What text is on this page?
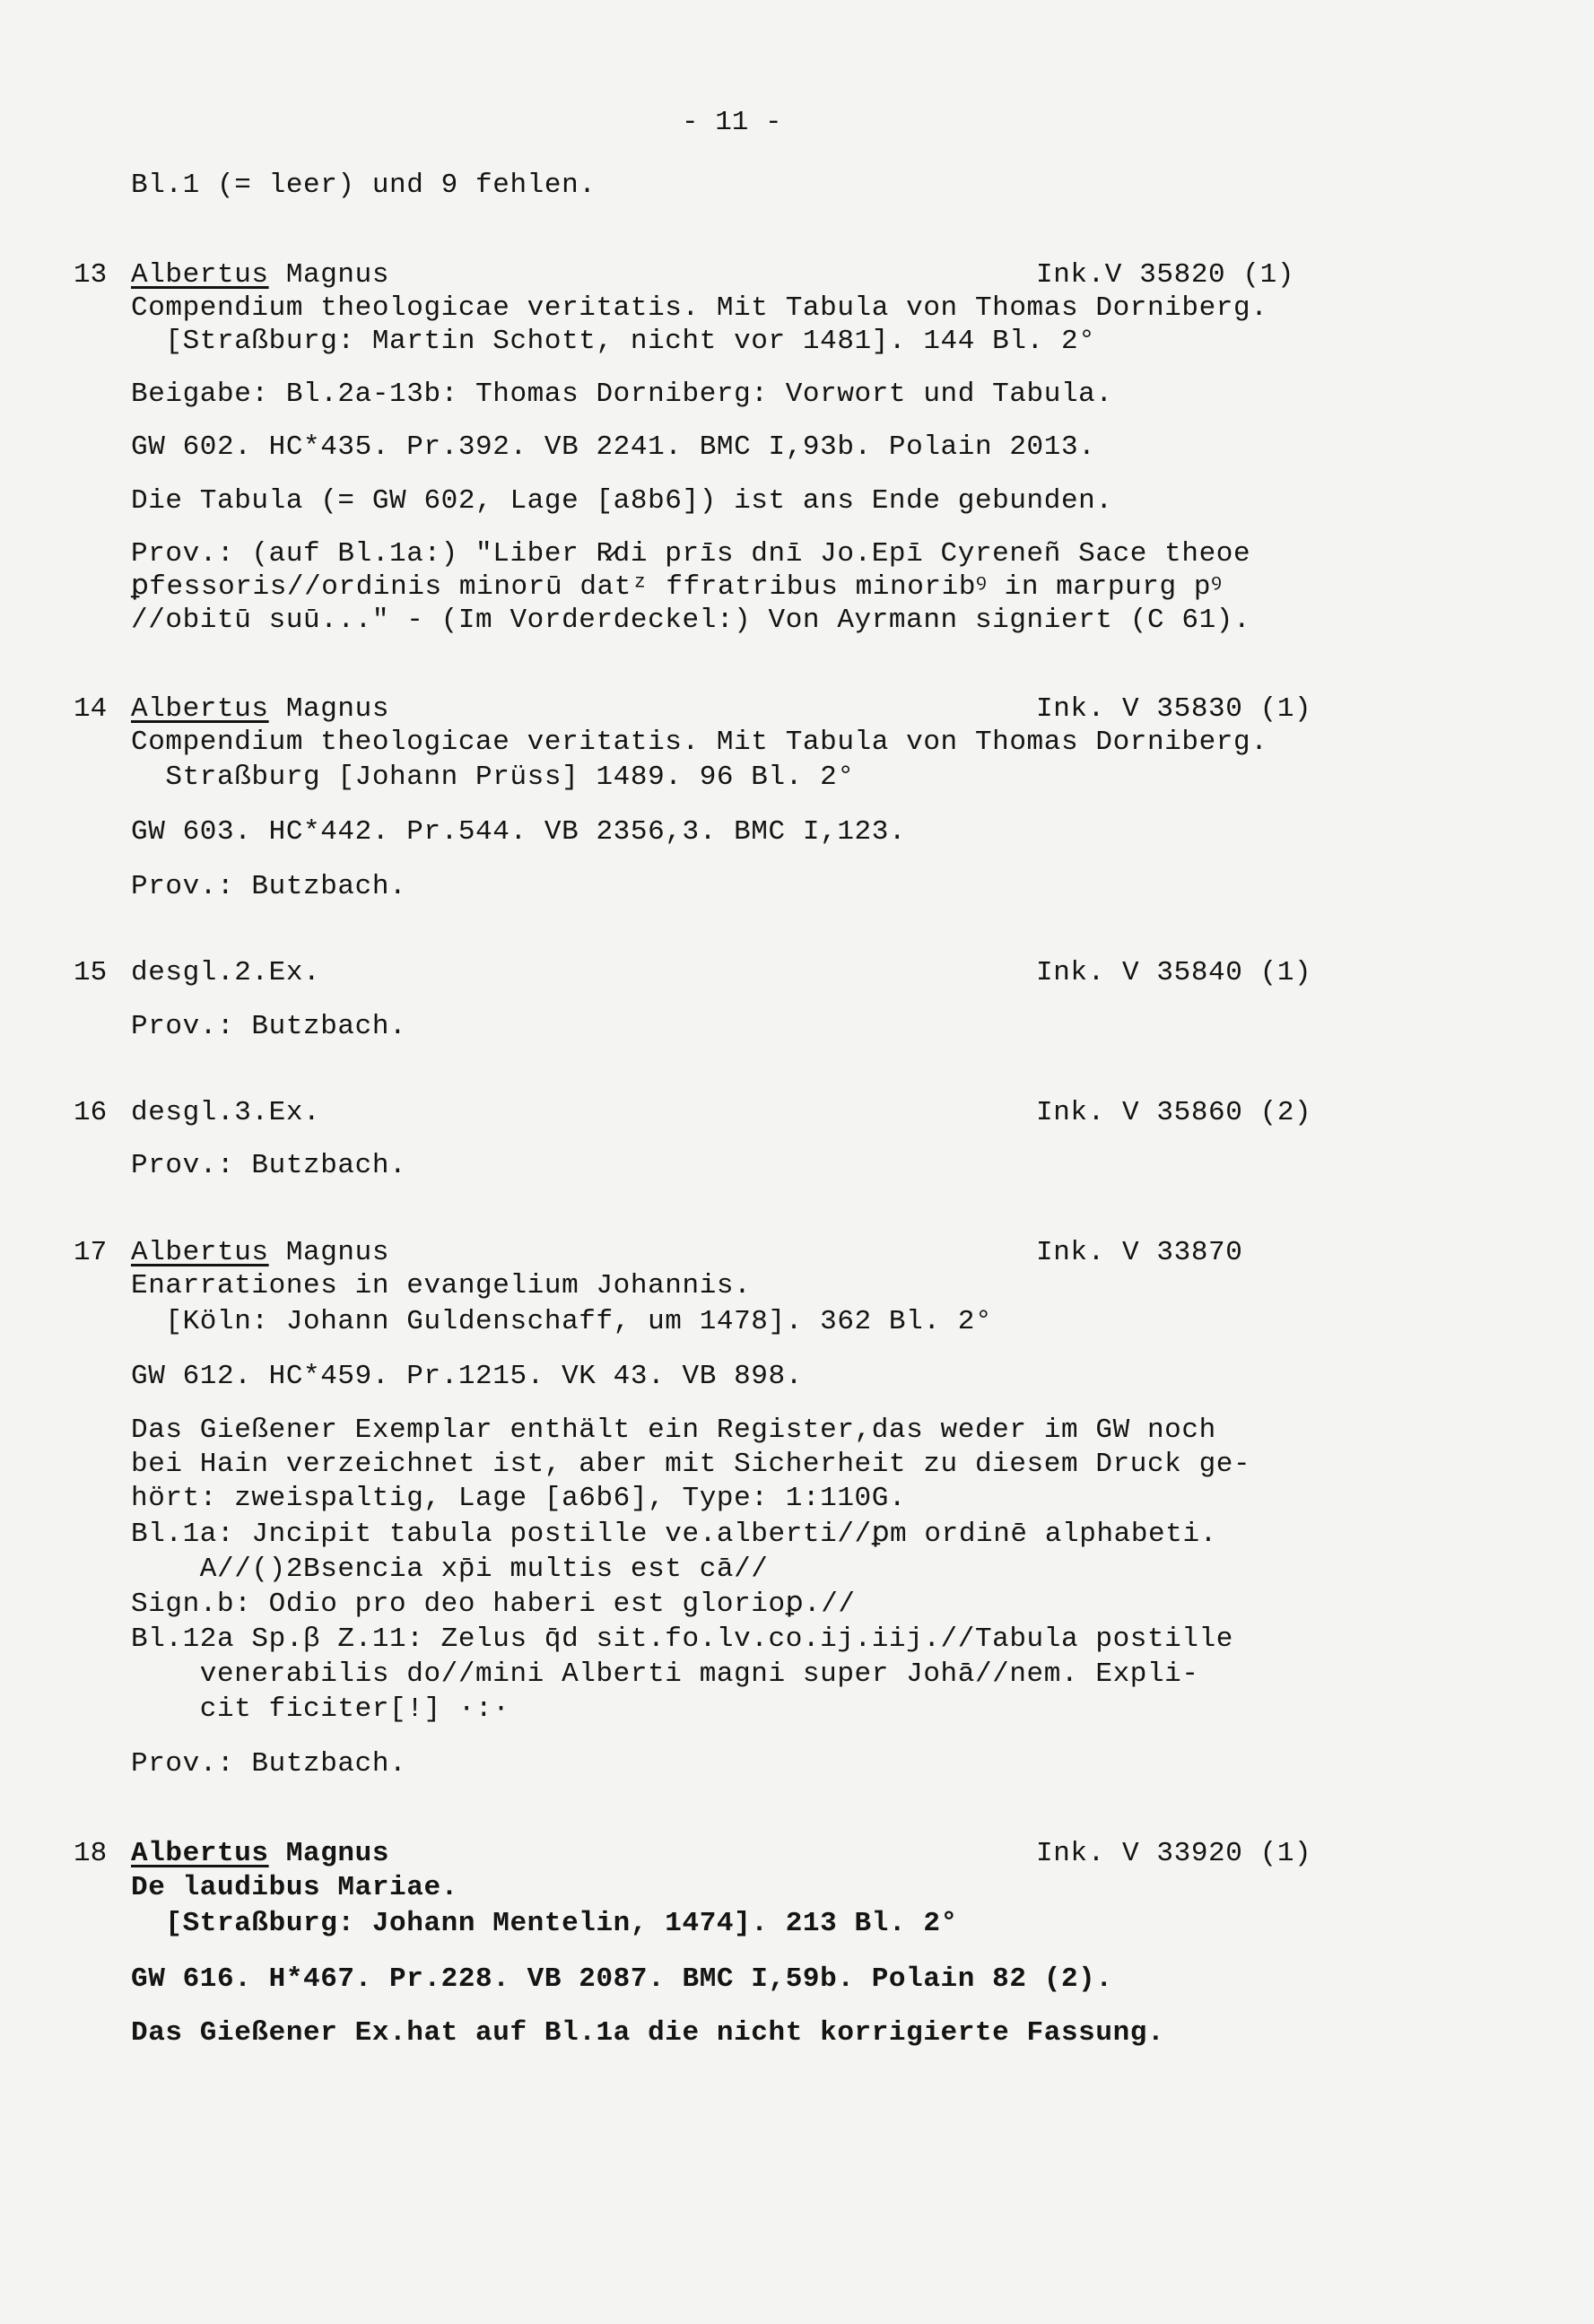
- 11 -
Bl.1 (= leer) und 9 fehlen.
13 Albertus Magnus	Ink.V 35820 (1)
Compendium theologicae veritatis. Mit Tabula von Thomas Dorniberg.
[Straßburg: Martin Schott, nicht vor 1481]. 144 Bl. 2°
Beigabe: Bl.2a-13b: Thomas Dorniberg: Vorwort und Tabula.
GW 602. HC*435. Pr.392. VB 2241. BMC I,93b. Polain 2013.
Die Tabula (= GW 602, Lage [a8b6]) ist ans Ende gebunden.
Prov.: (auf Bl.1a:) "Liber R̷di prīs dnī Jo.Epī Cyreneñ Sace theoe
ꝑfessoris//ordinis minorū datᶻ ffratribus minoribꝰ in marpurg pꝰ
//obitū suū..." - (Im Vorderdeckel:) Von Ayrmann signiert (C 61).
14 Albertus Magnus	Ink. V 35830 (1)
Compendium theologicae veritatis. Mit Tabula von Thomas Dorniberg.
Straßburg [Johann Prüss] 1489. 96 Bl. 2°
GW 603. HC*442. Pr.544. VB 2356,3. BMC I,123.
Prov.: Butzbach.
15 desgl.2.Ex.	Ink. V 35840 (1)
Prov.: Butzbach.
16 desgl.3.Ex.	Ink. V 35860 (2)
Prov.: Butzbach.
17 Albertus Magnus	Ink. V 33870
Enarrationes in evangelium Johannis.
[Köln: Johann Guldenschaff, um 1478]. 362 Bl. 2°
GW 612. HC*459. Pr.1215. VK 43. VB 898.
Das Gießener Exemplar enthält ein Register,das weder im GW noch
bei Hain verzeichnet ist, aber mit Sicherheit zu diesem Druck ge-
hört: zweispaltig, Lage [a6b6], Type: 1:110G.
Bl.1a: Jncipit tabula postille ve.alberti//ꝑm ordinē alphabeti.
A//()2Bsencia xp̄i multis est cā//
Sign.b: Odio pro deo haberi est glorioꝑ.//
Bl.12a Sp.β Z.11: Zelus q̄d sit.fo.lv.co.ij.iij.//Tabula postille
venerabilis do//mini Alberti magni super Johā//nem. Expli-
cit ficiter[!] ·:·
Prov.: Butzbach.
18 Albertus Magnus	Ink. V 33920 (1)
De laudibus Mariae.
[Straßburg: Johann Mentelin, 1474]. 213 Bl. 2°
GW 616. H*467. Pr.228. VB 2087. BMC I,59b. Polain 82 (2).
Das Gießener Ex.hat auf Bl.1a die nicht korrigierte Fassung.
